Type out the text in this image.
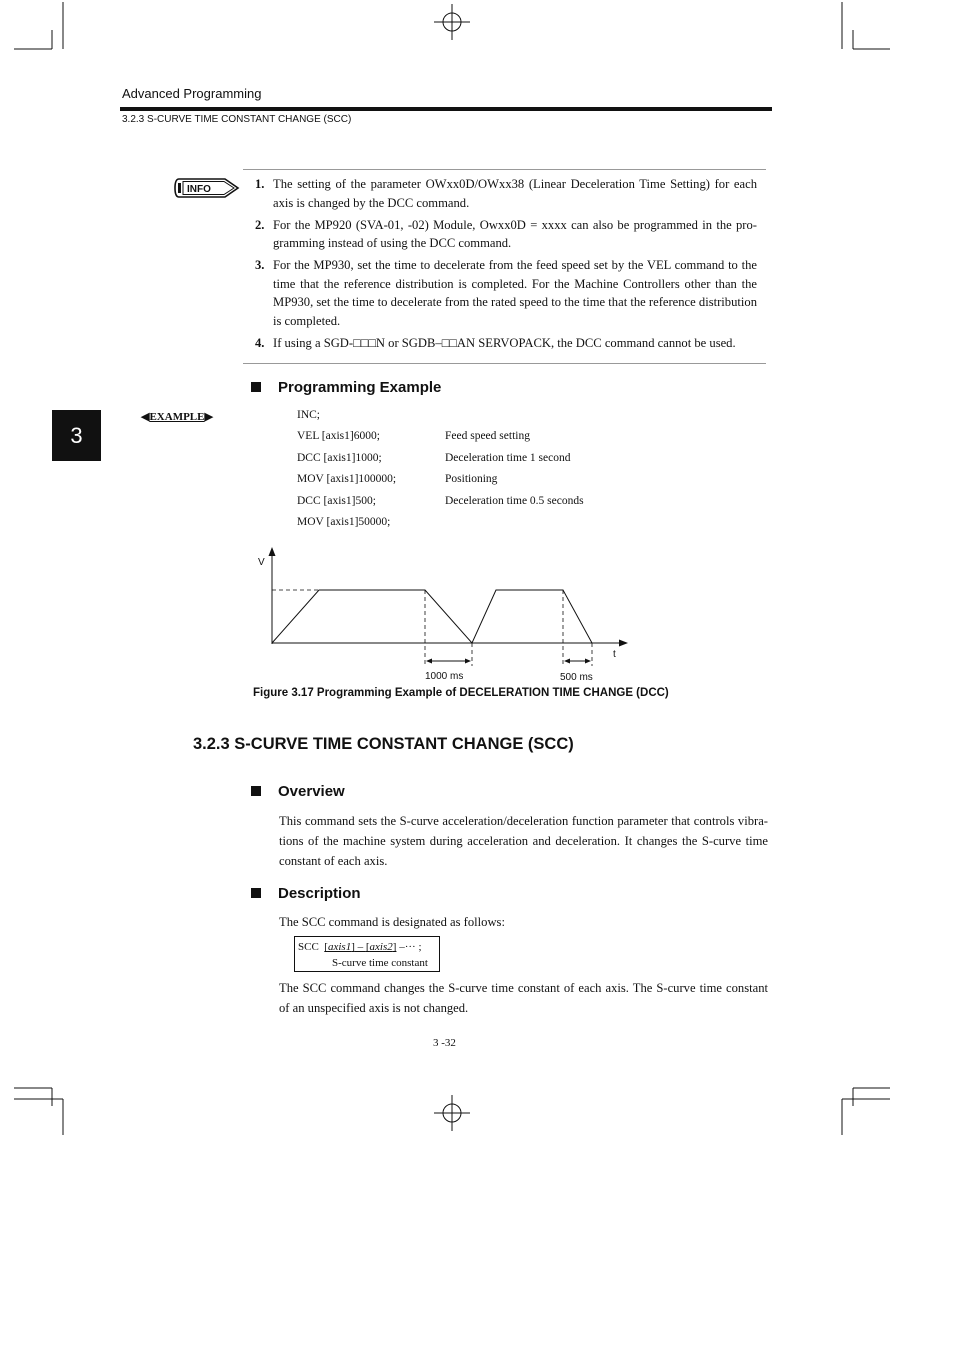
Advanced Programming
3.2.3 S-CURVE TIME CONSTANT CHANGE (SCC)
INFO	1. The setting of the parameter OWxx0D/OWxx38 (Linear Deceleration Time Setting) for each axis is changed by the DCC command.
2. For the MP920 (SVA-01, -02) Module, Owxx0D = xxxx can also be programmed in the pro-gramming instead of using the DCC command.
3. For the MP930, set the time to decelerate from the feed speed set by the VEL command to the time that the reference distribution is completed. For the Machine Controllers other than the MP930, set the time to decelerate from the rated speed to the time that the reference distribution is completed.
4. If using a SGD-□□□N or SGDB–□□AN SERVOPACK, the DCC command cannot be used.
3
Programming Example
◀EXAMPLE▶	INC;
VEL [axis1]6000;	Feed speed setting
DCC [axis1]1000;	Deceleration time 1 second
MOV [axis1]100000;	Positioning
DCC [axis1]500;	Deceleration time 0.5 seconds
MOV [axis1]50000;
V
t
1000 ms	500 ms
Figure 3.17 Programming Example of DECELERATION TIME CHANGE (DCC)
3.2.3 S-CURVE TIME CONSTANT CHANGE (SCC)
Overview
This command sets the S-curve acceleration/deceleration function parameter that controls vibra-tions of the machine system during acceleration and deceleration. It changes the S-curve time constant of each axis.
Description
The SCC command is designated as follows:
SCC [axis1] – [axis2] –··· ;
S-curve time constant
The SCC command changes the S-curve time constant of each axis. The S-curve time constant of an unspecified axis is not changed.
3 -32
